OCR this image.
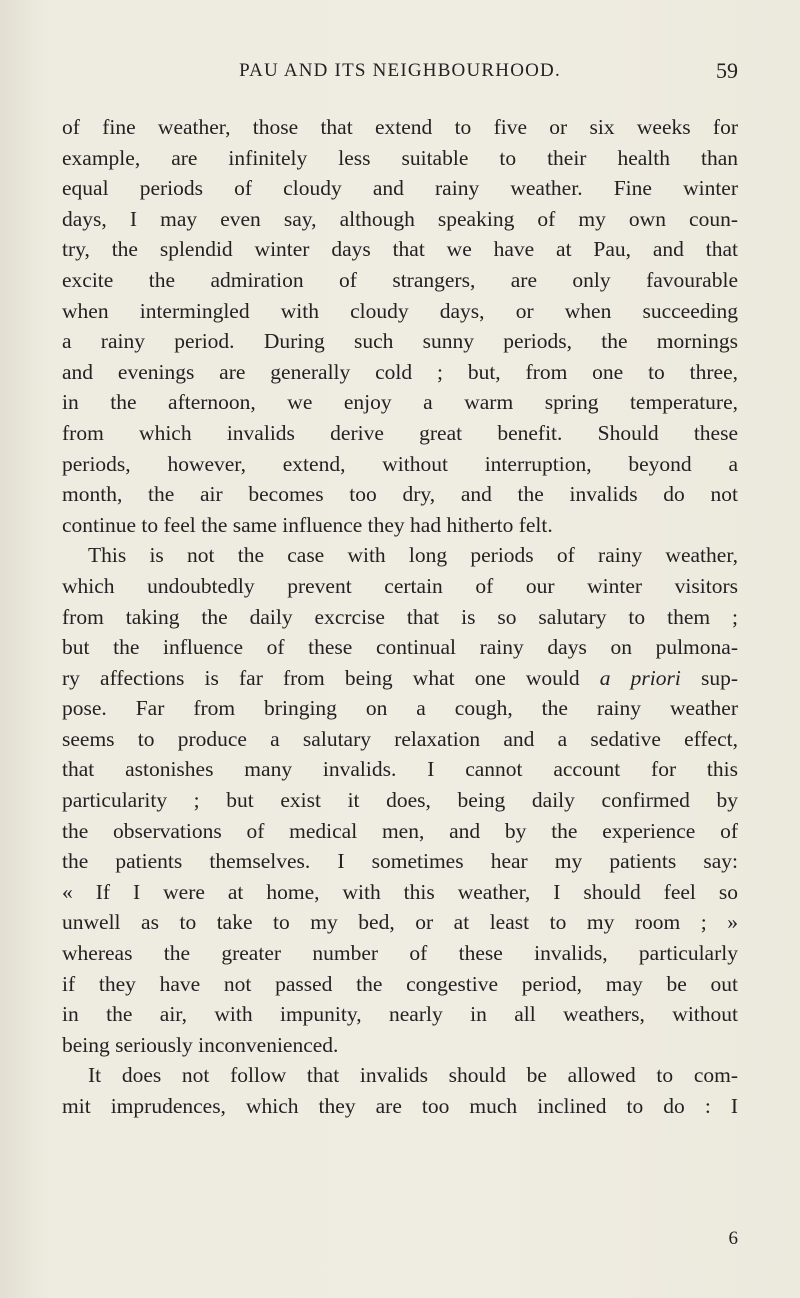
PAU AND ITS NEIGHBOURHOOD.	59
of fine weather, those that extend to five or six weeks for
example, are infinitely less suitable to their health than
equal periods of cloudy and rainy weather. Fine winter
days, I may even say, although speaking of my own coun-
try, the splendid winter days that we have at Pau, and that
excite the admiration of strangers, are only favourable
when intermingled with cloudy days, or when succeeding
a rainy period. During such sunny periods, the mornings
and evenings are generally cold ; but, from one to three,
in the afternoon, we enjoy a warm spring temperature,
from which invalids derive great benefit. Should these
periods, however, extend, without interruption, beyond a
month, the air becomes too dry, and the invalids do not
continue to feel the same influence they had hitherto felt.
This is not the case with long periods of rainy weather,
which undoubtedly prevent certain of our winter visitors
from taking the daily excrcise that is so salutary to them ;
but the influence of these continual rainy days on pulmona-
ry affections is far from being what one would a priori sup-
pose. Far from bringing on a cough, the rainy weather
seems to produce a salutary relaxation and a sedative effect,
that astonishes many invalids. I cannot account for this
particularity ; but exist it does, being daily confirmed by
the observations of medical men, and by the experience of
the patients themselves. I sometimes hear my patients say:
« If I were at home, with this weather, I should feel so
unwell as to take to my bed, or at least to my room ; »
whereas the greater number of these invalids, particularly
if they have not passed the congestive period, may be out
in the air, with impunity, nearly in all weathers, without
being seriously inconvenienced.
It does not follow that invalids should be allowed to com-
mit imprudences, which they are too much inclined to do : I
6
